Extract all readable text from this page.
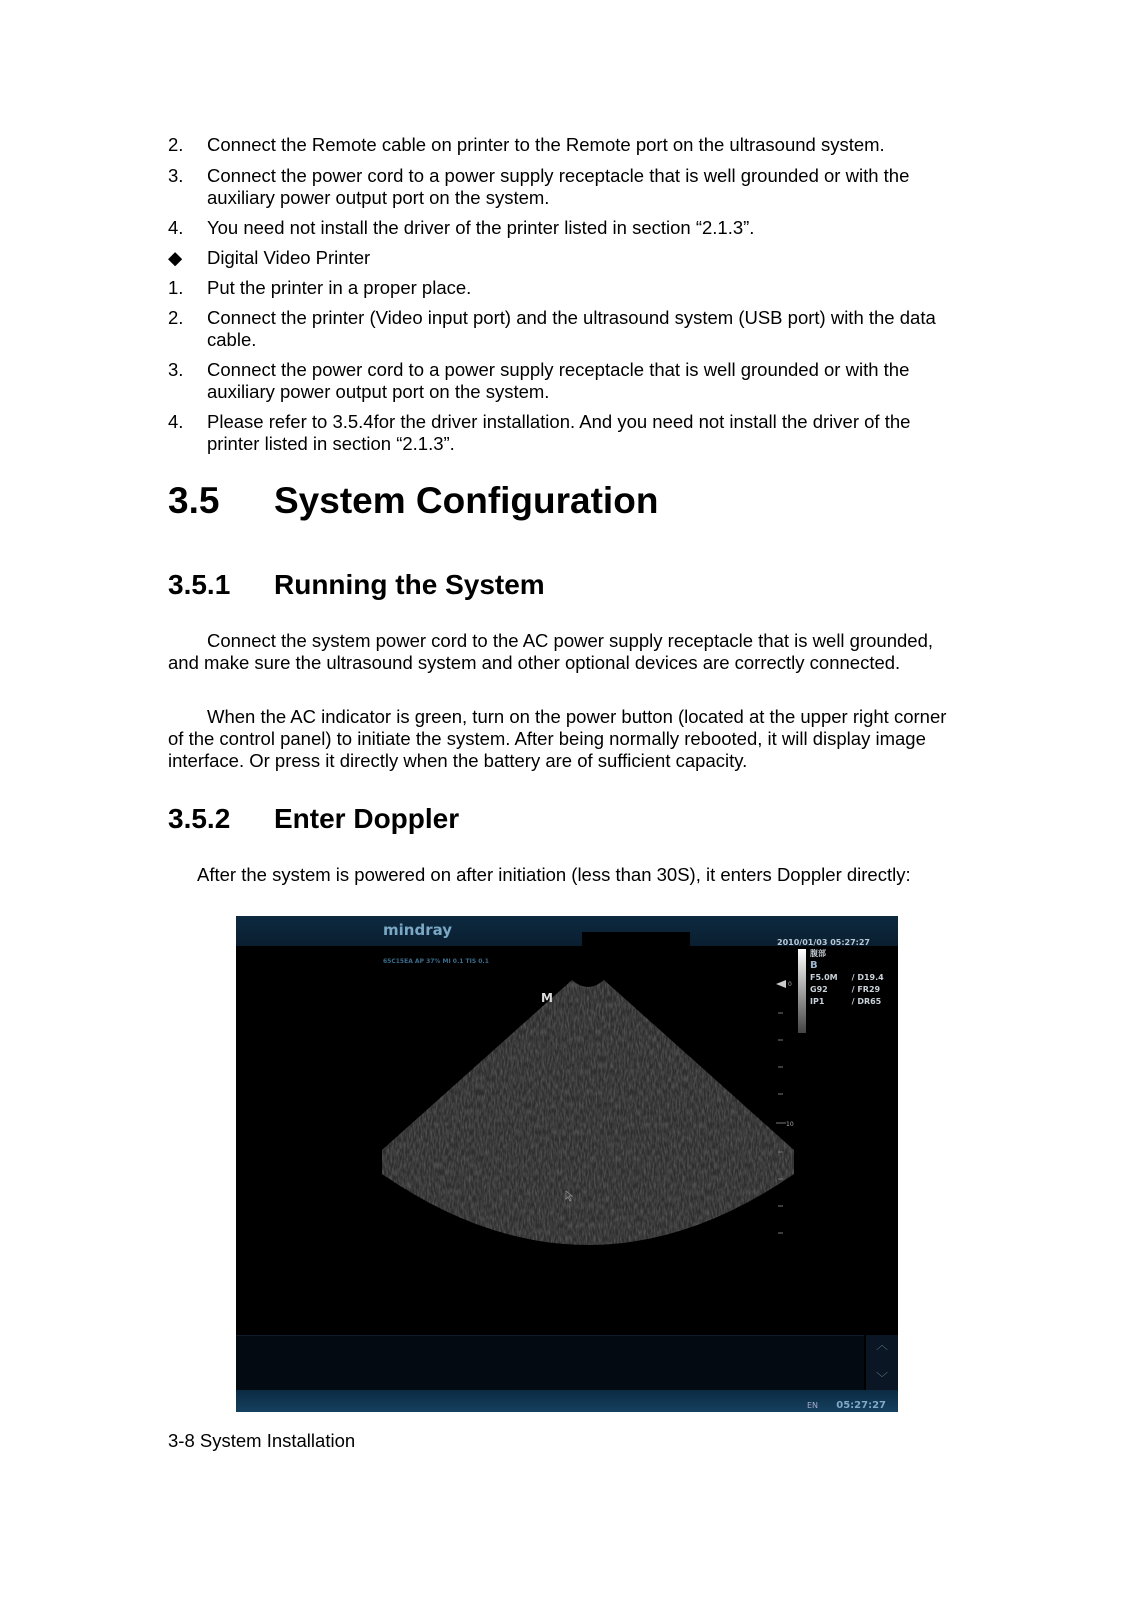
2. Connect the Remote cable on printer to the Remote port on the ultrasound system.
3. Connect the power cord to a power supply receptacle that is well grounded or with the auxiliary power output port on the system.
4. You need not install the driver of the printer listed in section “2.1.3”.
◆ Digital Video Printer
1. Put the printer in a proper place.
2. Connect the printer (Video input port) and the ultrasound system (USB port) with the data cable.
3. Connect the power cord to a power supply receptacle that is well grounded or with the auxiliary power output port on the system.
4. Please refer to 3.5.4for the driver installation. And you need not install the driver of the printer listed in section “2.1.3”.
3.5 System Configuration
3.5.1 Running the System
Connect the system power cord to the AC power supply receptacle that is well grounded, and make sure the ultrasound system and other optional devices are correctly connected.
When the AC indicator is green, turn on the power button (located at the upper right corner of the control panel) to initiate the system. After being normally rebooted, it will display image interface. Or press it directly when the battery are of sufficient capacity.
3.5.2 Enter Doppler
After the system is powered on after initiation (less than 30S), it enters Doppler directly:
mindray
2010/01/03 05:27:27
65C15EA AP 37% MI 0.1 TIS 0.1
腹部
B
F5.0M
G92
IP1
/ D19.4
/ FR29
/ DR65
M
0
10
︿
﹀
EN 05:27:27
3-8 System Installation
